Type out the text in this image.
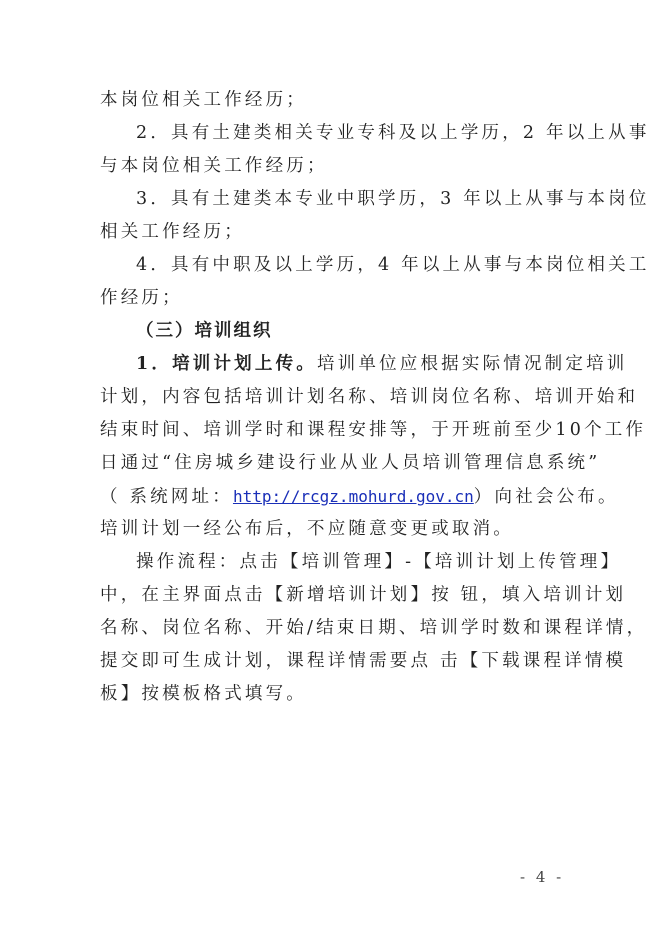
本岗位相关工作经历；
2．具有土建类相关专业专科及以上学历，2 年以上从事
与本岗位相关工作经历；
3．具有土建类本专业中职学历，3 年以上从事与本岗位
相关工作经历；
4．具有中职及以上学历，4 年以上从事与本岗位相关工
作经历；
（三）培训组织
1．培训计划上传。培训单位应根据实际情况制定培训
计划，内容包括培训计划名称、培训岗位名称、培训开始和
结束时间、培训学时和课程安排等，于开班前至少10个工作
日通过“住房城乡建设行业从业人员培训管理信息系统”
（ 系统网址：http://rcgz.mohurd.gov.cn）向社会公布。
培训计划一经公布后，不应随意变更或取消。
操作流程：点击【培训管理】-【培训计划上传管理】
中，在主界面点击【新增培训计划】按 钮，填入培训计划
名称、岗位名称、开始/结束日期、培训学时数和课程详情，
提交即可生成计划，课程详情需要点 击【下载课程详情模
板】按模板格式填写。
- 4 -
